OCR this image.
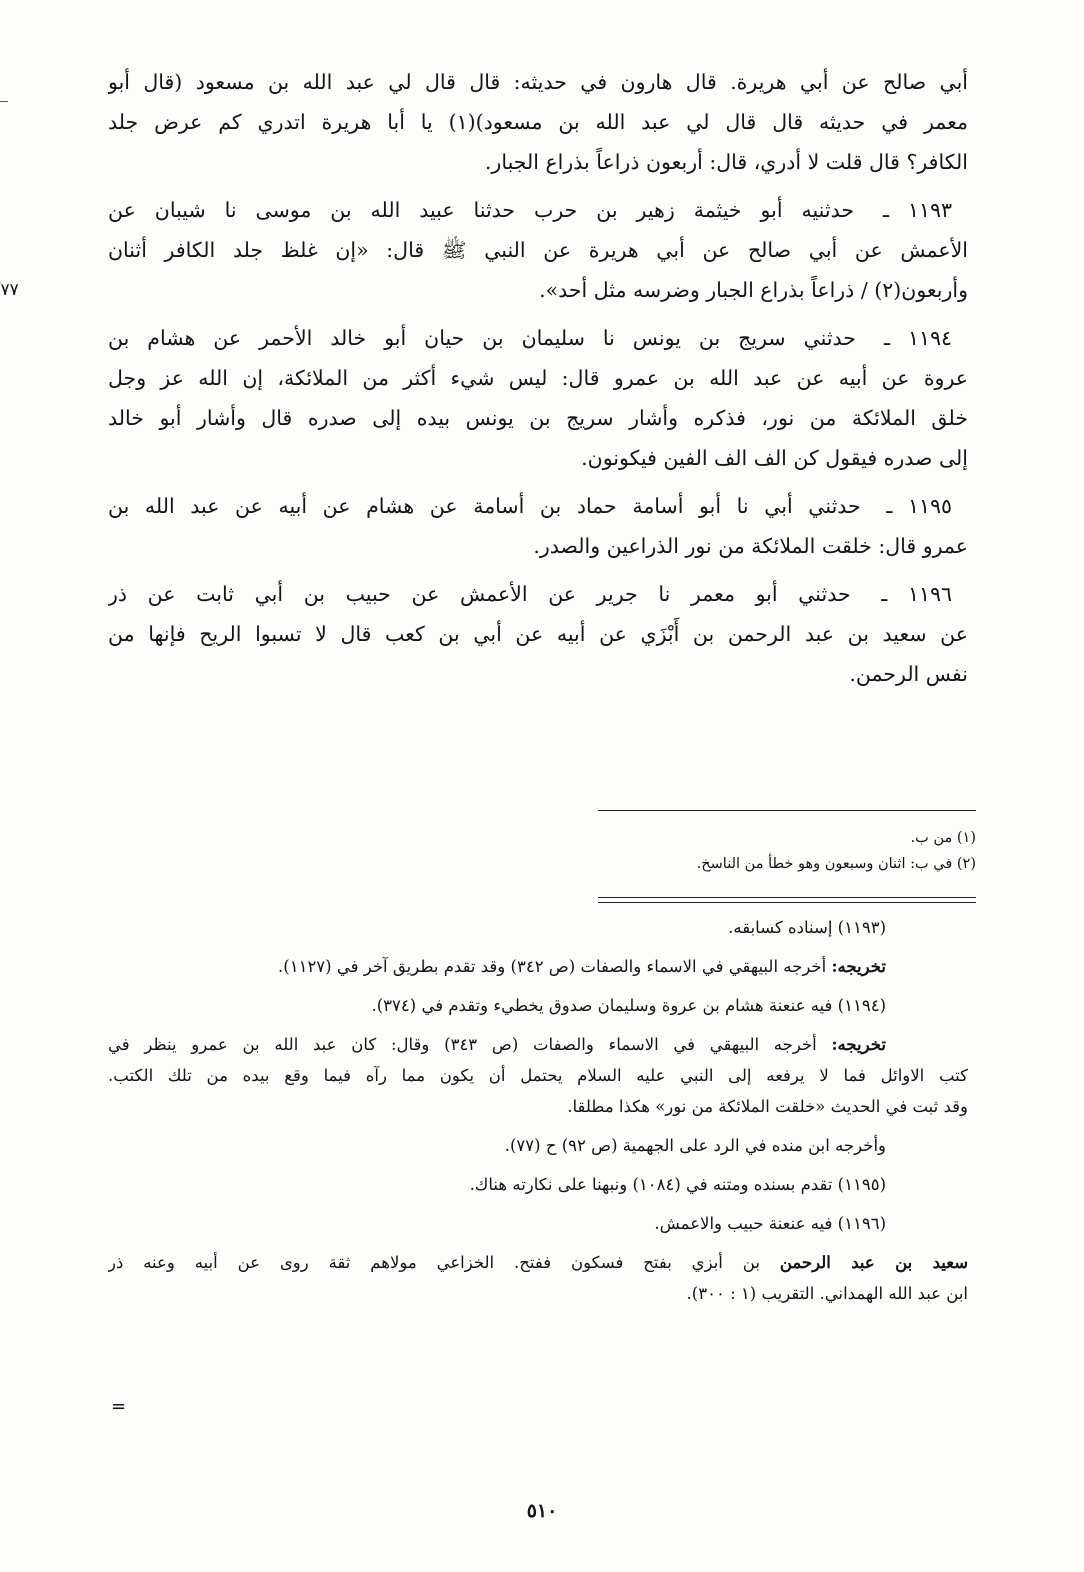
أبي صالح عن أبي هريرة. قال هارون في حديثه: قال قال لي عبد الله بن مسعود (قال أبو
معمر في حديثه قال قال لي عبد الله بن مسعود)(١) يا أبا هريرة اتدري كم عرض جلد
الكافر؟ قال قلت لا أدري، قال: أربعون ذراعاً بذراع الجبار.
١١٩٣ ـ حدثنيه أبو خيثمة زهير بن حرب حدثنا عبيد الله بن موسى نا شيبان عن
الأعمش عن أبي صالح عن أبي هريرة عن النبي ﷺ قال: «إن غلظ جلد الكافر أثنان
وأربعون(٢) / ذراعاً بذراع الجبار وضرسه مثل أحد».
٧٧
١١٩٤ ـ حدثني سريج بن يونس نا سليمان بن حيان أبو خالد الأحمر عن هشام بن
عروة عن أبيه عن عبد الله بن عمرو قال: ليس شيء أكثر من الملائكة، إن الله عز وجل
خلق الملائكة من نور، فذكره وأشار سريج بن يونس بيده إلى صدره قال وأشار أبو خالد
إلى صدره فيقول كن الف الف الفين فيكونون.
١١٩٥ ـ حدثني أبي نا أبو أسامة حماد بن أسامة عن هشام عن أبيه عن عبد الله بن
عمرو قال: خلقت الملائكة من نور الذراعين والصدر.
١١٩٦ ـ حدثني أبو معمر نا جرير عن الأعمش عن حبيب بن أبي ثابت عن ذر
عن سعيد بن عبد الرحمن بن أَبْزَي عن أبيه عن أبي بن كعب قال لا تسبوا الريح فإنها من
نفس الرحمن.
(١) من ب.
(٢) في ب: اثنان وسبعون وهو خطأ من الناسخ.

(١١٩٣) إسناده كسابقه.

تخريجه: أخرجه البيهقي في الاسماء والصفات (ص ٣٤٢) وقد تقدم بطريق آخر في (١١٢٧).

(١١٩٤) فيه عنعنة هشام بن عروة وسليمان صدوق يخطيء وتقدم في (٣٧٤).

تخريجه: أخرجه البيهقي في الاسماء والصفات (ص ٣٤٣) وقال: كان عبد الله بن عمرو ينظر في
كتب الاوائل فما لا يرفعه إلى النبي عليه السلام يحتمل أن يكون مما رآه فيما وقع بيده من تلك الكتب.
وقد ثبت في الحديث «خلقت الملائكة من نور» هكذا مطلقا.

وأخرجه ابن منده في الرد على الجهمية (ص ٩٢) ح (٧٧).

(١١٩٥) تقدم بسنده ومتنه في (١٠٨٤) ونبهنا على نكارته هناك.

(١١٩٦) فيه عنعنة حبيب والاعمش.

سعيد بن عبد الرحمن بن أبزي بفتح فسكون ففتح. الخزاعي مولاهم ثقة روى عن أبيه وعنه ذر
ابن عبد الله الهمداني. التقريب (١ : ٣٠٠).

=
٥١٠
